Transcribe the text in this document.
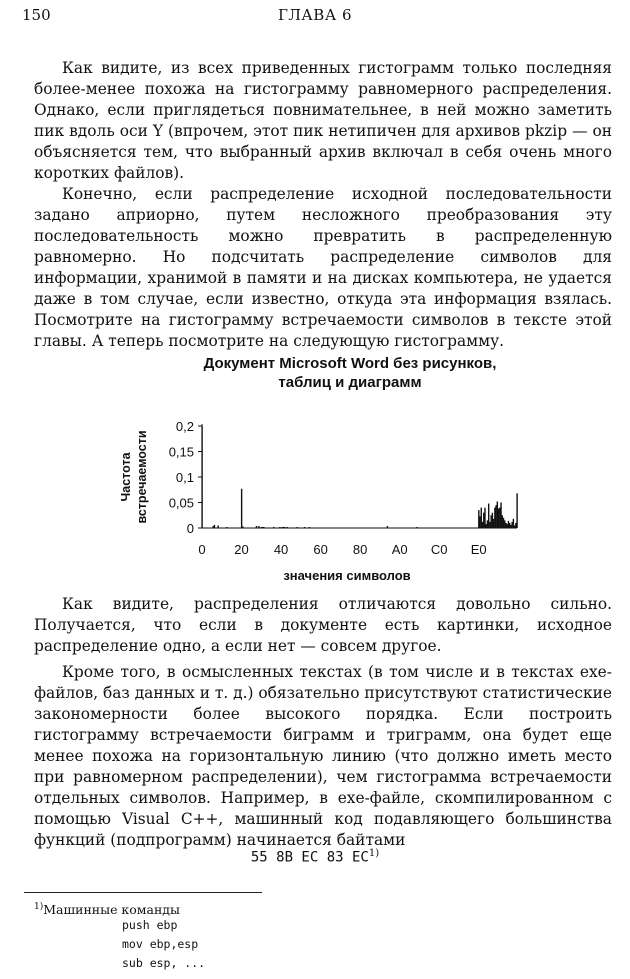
150	ГЛАВА 6

Как видите, из всех приведенных гистограмм только последняя более-менее похожа на гистограмму равномерного распределения. Однако, если приглядеться повнимательнее, в ней можно заметить пик вдоль оси Y (впрочем, этот пик нетипичен для архивов pkzip — он объясняется тем, что выбранный архив включал в себя очень много коротких файлов).

Конечно, если распределение исходной последовательности задано априорно, путем несложного преобразования эту последовательность можно превратить в распределенную равномерно. Но подсчитать распределение символов для информации, хранимой в памяти и на дисках компьютера, не удается даже в том случае, если известно, откуда эта информация взялась. Посмотрите на гистограмму встречаемости символов в тексте этой главы. А теперь посмотрите на следующую гистограмму.

Документ Microsoft Word без рисунков,
таблиц и диаграмм
0
0,05
0,1
0,15
0,2
0 20 40 60 80 A0 C0 E0
значения символов
Частота встречаемости

Как видите, распределения отличаются довольно сильно. Получается, что если в документе есть картинки, исходное распределение одно, а если нет — совсем другое.

Кроме того, в осмысленных текстах (в том числе и в текстах exe-файлов, баз данных и т. д.) обязательно присутствуют статистические закономерности более высокого порядка. Если построить гистограмму встречаемости биграмм и триграмм, она будет еще менее похожа на горизонтальную линию (что должно иметь место при равномерном распределении), чем гистограмма встречаемости отдельных символов. Например, в exe-файле, скомпилированном с помощью Visual C++, машинный код подавляющего большинства функций (подпрограмм) начинается байтами

55 8B EC 83 EC$^{1)}$
$^{1)}$Машинные команды
push ebp
mov ebp,esp
sub esp, ...
